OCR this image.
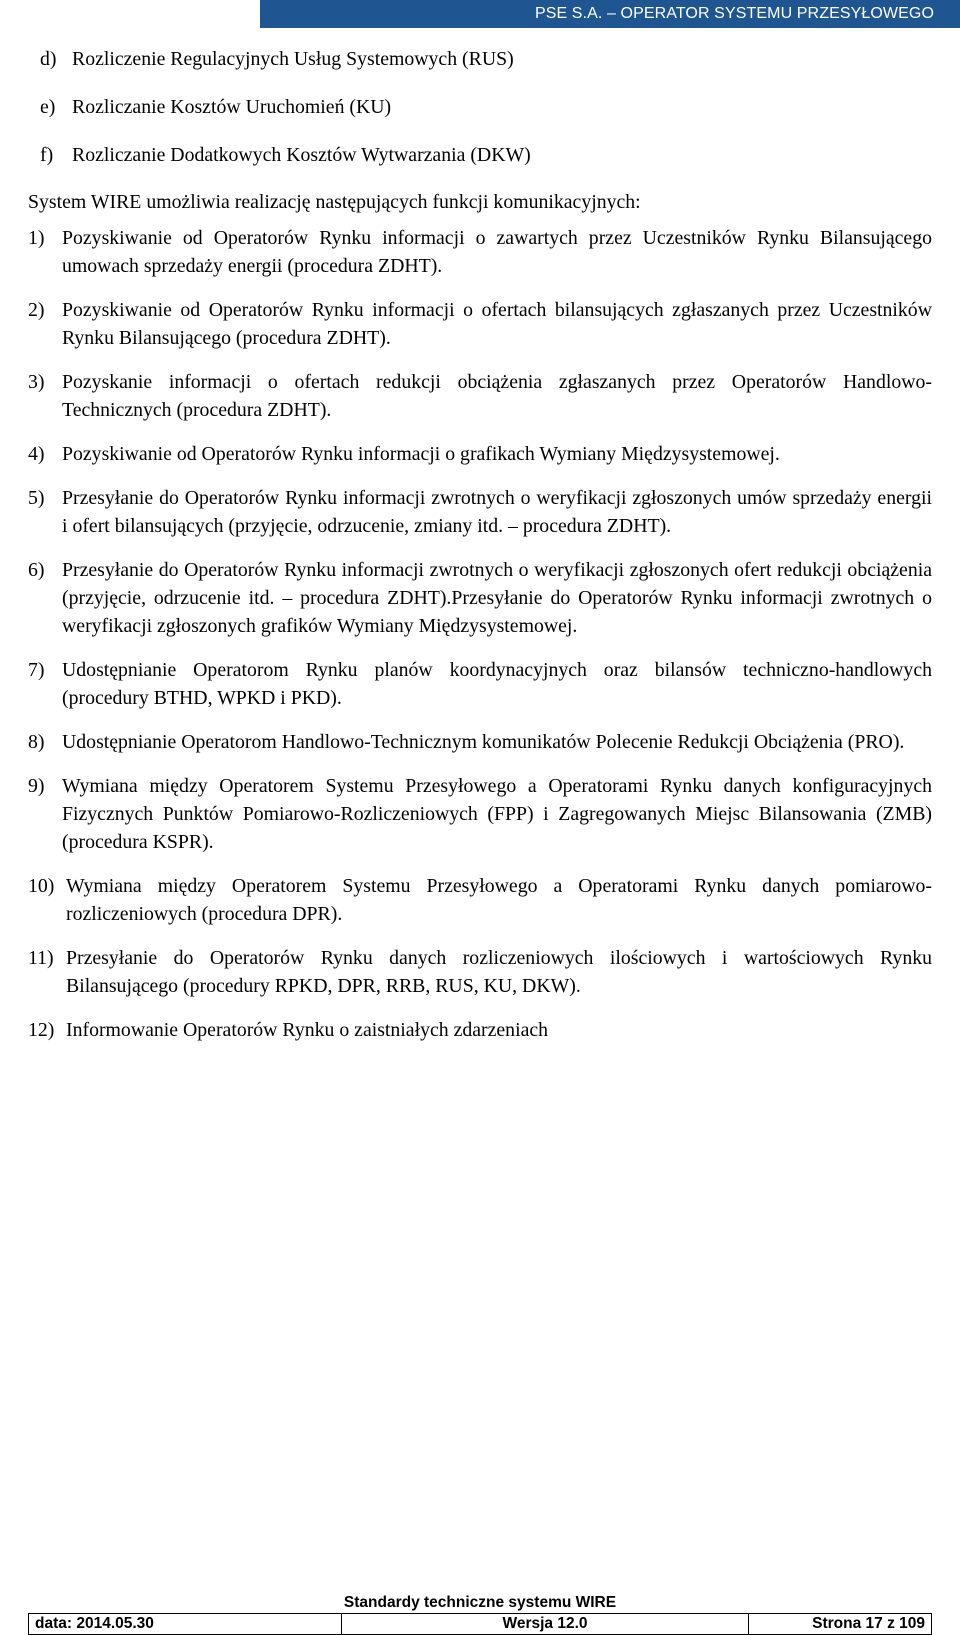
PSE S.A. – OPERATOR SYSTEMU PRZESYŁOWEGO
d) Rozliczenie Regulacyjnych Usług Systemowych (RUS)
e) Rozliczanie Kosztów Uruchomień (KU)
f) Rozliczanie Dodatkowych Kosztów Wytwarzania (DKW)

System WIRE umożliwia realizację następujących funkcji komunikacyjnych:

1) Pozyskiwanie od Operatorów Rynku informacji o zawartych przez Uczestników Rynku Bilansującego umowach sprzedaży energii (procedura ZDHT).
2) Pozyskiwanie od Operatorów Rynku informacji o ofertach bilansujących zgłaszanych przez Uczestników Rynku Bilansującego (procedura ZDHT).
3) Pozyskanie informacji o ofertach redukcji obciążenia zgłaszanych przez Operatorów Handlowo-Technicznych (procedura ZDHT).
4) Pozyskiwanie od Operatorów Rynku informacji o grafikach Wymiany Międzysystemowej.
5) Przesyłanie do Operatorów Rynku informacji zwrotnych o weryfikacji zgłoszonych umów sprzedaży energii i ofert bilansujących (przyjęcie, odrzucenie, zmiany itd. – procedura ZDHT).
6) Przesyłanie do Operatorów Rynku informacji zwrotnych o weryfikacji zgłoszonych ofert redukcji obciążenia (przyjęcie, odrzucenie itd. – procedura ZDHT).Przesyłanie do Operatorów Rynku informacji zwrotnych o weryfikacji zgłoszonych grafików Wymiany Międzysystemowej.
7) Udostępnianie Operatorom Rynku planów koordynacyjnych oraz bilansów techniczno-handlowych (procedury BTHD, WPKD i PKD).
8) Udostępnianie Operatorom Handlowo-Technicznym komunikatów Polecenie Redukcji Obciążenia (PRO).
9) Wymiana między Operatorem Systemu Przesyłowego a Operatorami Rynku danych konfiguracyjnych Fizycznych Punktów Pomiarowo-Rozliczeniowych (FPP) i Zagregowanych Miejsc Bilansowania (ZMB) (procedura KSPR).
10) Wymiana między Operatorem Systemu Przesyłowego a Operatorami Rynku danych pomiarowo-rozliczeniowych (procedura DPR).
11) Przesyłanie do Operatorów Rynku danych rozliczeniowych ilościowych i wartościowych Rynku Bilansującego (procedury RPKD, DPR, RRB, RUS, KU, DKW).
12) Informowanie Operatorów Rynku o zaistniałych zdarzeniach
Standardy techniczne systemu WIRE
data: 2014.05.30	Wersja 12.0	Strona 17 z 109
